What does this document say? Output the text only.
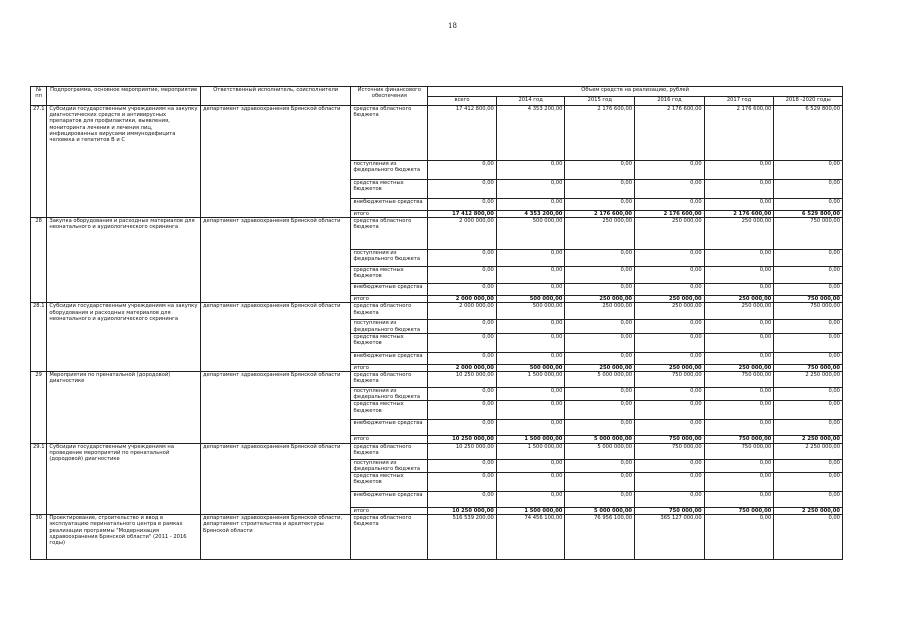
18
№ пп	Подпрограмма, основное мероприятие, мероприятие	Ответственный исполнитель, соисполнители	Источник финансового обеспечения	Объем средств на реализацию, рублей					
				всего	2014 год	2015 год	2016 год	2017 год	2018 -2020 годы
27.1	Субсидии государственным учреждениям на закупку диагностических средств и антивирусных препаратов для профилактики, выявления, мониторинга лечения и лечения лиц, инфицированных вирусами иммунодефицита человека и гепатитов В и С	департамент здравоохранения Брянской области	средства областного бюджета	17 412 800,00	4 353 200,00	2 176 600,00	2 176 600,00	2 176 600,00	6 529 800,00
			поступления из федерального бюджета	0,00	0,00	0,00	0,00	0,00	0,00
			средства местных бюджетов	0,00	0,00	0,00	0,00	0,00	0,00
			внебюджетные средства	0,00	0,00	0,00	0,00	0,00	0,00
			итого	17 412 800,00	4 353 200,00	2 176 600,00	2 176 600,00	2 176 600,00	6 529 800,00
28	Закупка оборудования и расходных материалов для неонатального и аудиологического скрининга	департамент здравоохранения Брянской области	средства областного бюджета	2 000 000,00	500 000,00	250 000,00	250 000,00	250 000,00	750 000,00
			поступления из федерального бюджета	0,00	0,00	0,00	0,00	0,00	0,00
			средства местных бюджетов	0,00	0,00	0,00	0,00	0,00	0,00
			внебюджетные средства	0,00	0,00	0,00	0,00	0,00	0,00
			итого	2 000 000,00	500 000,00	250 000,00	250 000,00	250 000,00	750 000,00
28.1	Субсидии государственным учреждениям на закупку оборудования и расходных материалов для неонатального и аудиологического скрининга	департамент здравоохранения Брянской области	средства областного бюджета	2 000 000,00	500 000,00	250 000,00	250 000,00	250 000,00	750 000,00
			поступления из федерального бюджета	0,00	0,00	0,00	0,00	0,00	0,00
			средства местных бюджетов	0,00	0,00	0,00	0,00	0,00	0,00
			внебюджетные средства	0,00	0,00	0,00	0,00	0,00	0,00
			итого	2 000 000,00	500 000,00	250 000,00	250 000,00	250 000,00	750 000,00
29	Мероприятия по пренатальной (дородовой) диагностике	департамент здравоохранения Брянской области	средства областного бюджета	10 250 000,00	1 500 000,00	5 000 000,00	750 000,00	750 000,00	2 250 000,00
			поступления из федерального бюджета	0,00	0,00	0,00	0,00	0,00	0,00
			средства местных бюджетов	0,00	0,00	0,00	0,00	0,00	0,00
			внебюджетные средства	0,00	0,00	0,00	0,00	0,00	0,00
			итого	10 250 000,00	1 500 000,00	5 000 000,00	750 000,00	750 000,00	2 250 000,00
29.1	Субсидии государственным учреждениям на проведение мероприятий по пренатальной (дородовой) диагностике	департамент здравоохранения Брянской области	средства областного бюджета	10 250 000,00	1 500 000,00	5 000 000,00	750 000,00	750 000,00	2 250 000,00
			поступления из федерального бюджета	0,00	0,00	0,00	0,00	0,00	0,00
			средства местных бюджетов	0,00	0,00	0,00	0,00	0,00	0,00
			внебюджетные средства	0,00	0,00	0,00	0,00	0,00	0,00
			итого	10 250 000,00	1 500 000,00	5 000 000,00	750 000,00	750 000,00	2 250 000,00
30	Проектирование, строительство и ввод в эксплуатацию перинатального центра в рамках реализации программы "Модернизация здравоохранения Брянской области" (2011 - 2016 годы)	департамент здравоохранения Брянской области, департамент строительства и архитектуры Брянской области	средства областного бюджета	516 539 200,00	74 456 100,00	76 956 100,00	365 127 000,00	0,00	0,00
